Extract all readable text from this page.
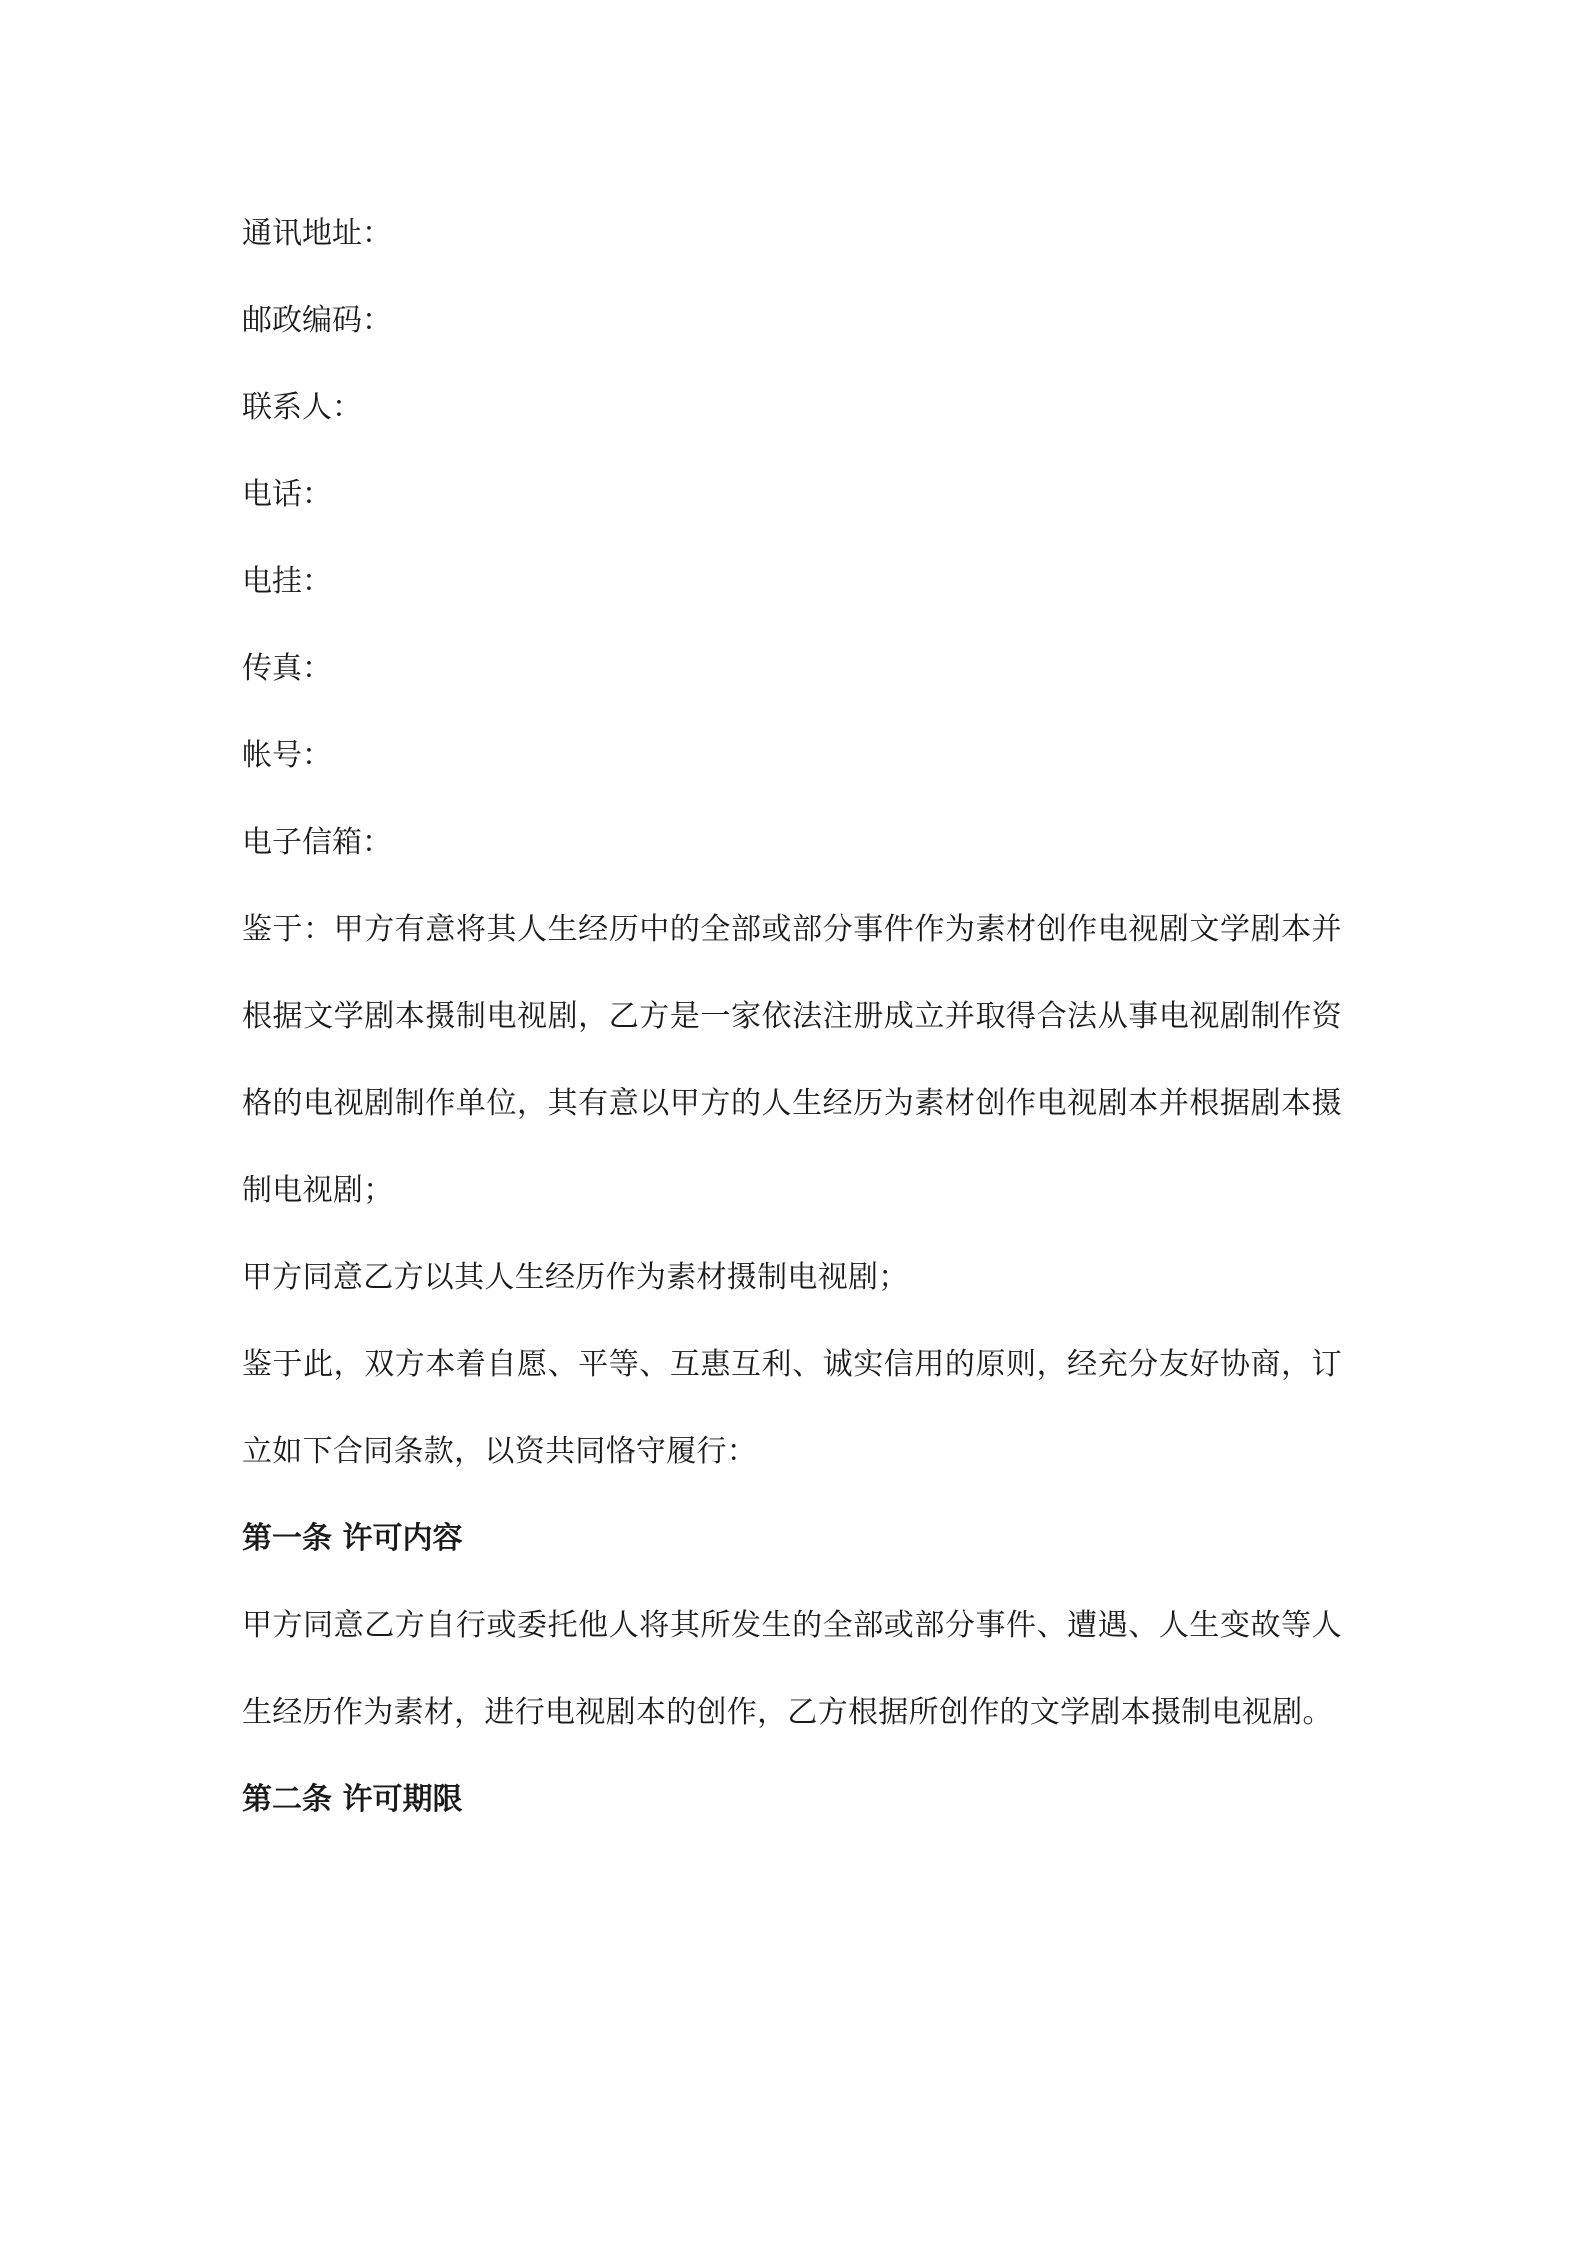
通讯地址：

邮政编码：

联系人：

电话：

电挂：

传真：

帐号：

电子信箱：

鉴于：甲方有意将其人生经历中的全部或部分事件作为素材创作电视剧文学剧本并根据文学剧本摄制电视剧，乙方是一家依法注册成立并取得合法从事电视剧制作资格的电视剧制作单位，其有意以甲方的人生经历为素材创作电视剧本并根据剧本摄制电视剧；

甲方同意乙方以其人生经历作为素材摄制电视剧；

鉴于此，双方本着自愿、平等、互惠互利、诚实信用的原则，经充分友好协商，订立如下合同条款，以资共同恪守履行：

第一条 许可内容

甲方同意乙方自行或委托他人将其所发生的全部或部分事件、遭遇、人生变故等人生经历作为素材，进行电视剧本的创作，乙方根据所创作的文学剧本摄制电视剧。

第二条 许可期限
